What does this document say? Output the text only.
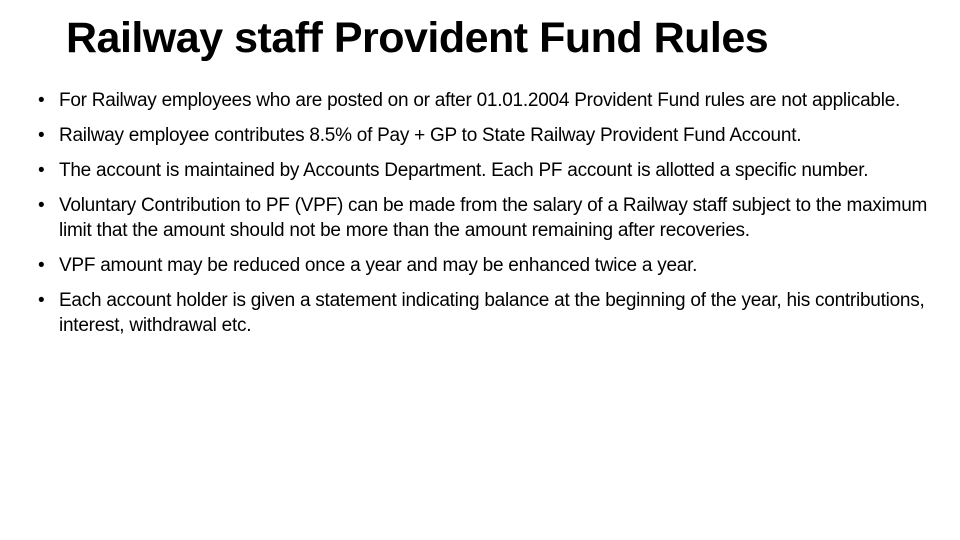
Railway staff Provident Fund Rules
• For Railway employees who are posted on or after 01.01.2004 Provident Fund rules are not applicable.
• Railway employee contributes 8.5% of Pay + GP to State Railway Provident Fund Account.
• The account is maintained by Accounts Department. Each PF account is allotted a specific number.
• Voluntary Contribution to PF (VPF) can be made from the salary of a Railway staff subject to the maximum limit that the amount should not be more than the amount remaining after recoveries.
• VPF amount may be reduced once a year and may be enhanced twice a year.
• Each account holder is given a statement indicating balance at the beginning of the year, his contributions, interest, withdrawal etc.
